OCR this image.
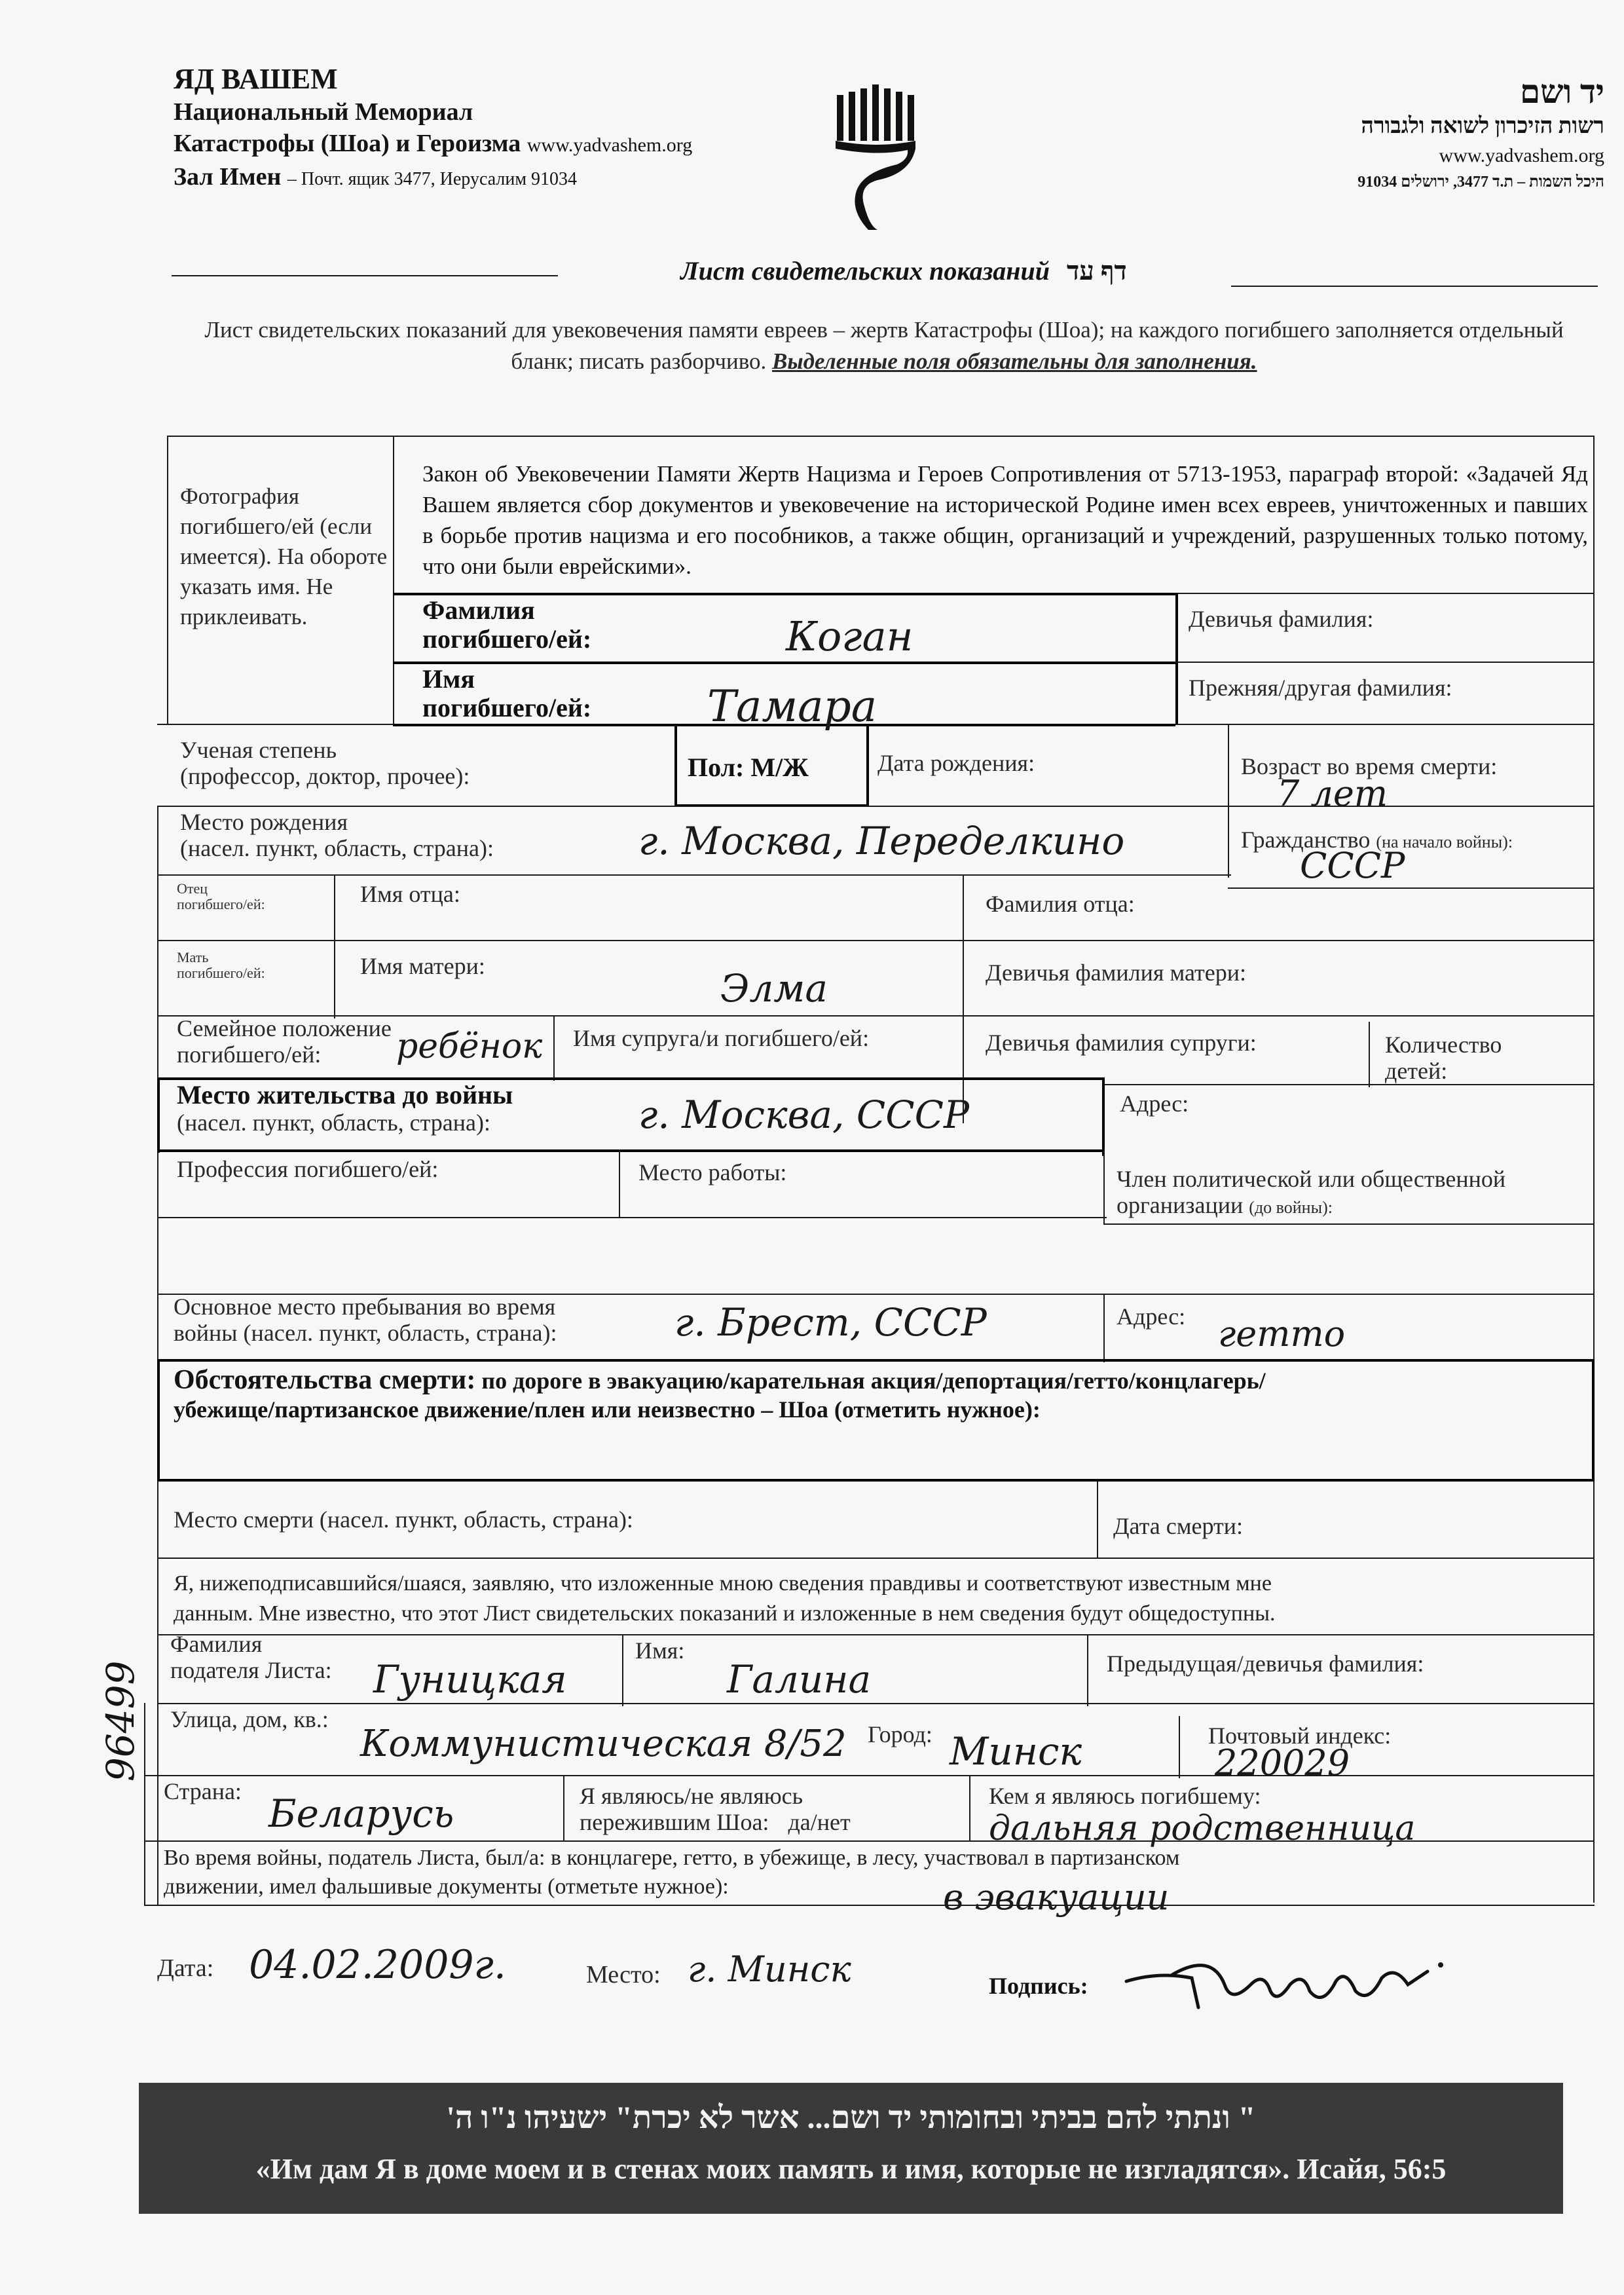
ЯД ВАШЕМ
Национальный Мемориал
Катастрофы (Шоа) и Героизма www.yadvashem.org
Зал Имен – Почт. ящик 3477, Иерусалим 91034
יד ושם
רשות הזיכרון לשואה ולגבורה
www.yadvashem.org
היכל השמות – ת.ד 3477, ירושלים 91034
Лист свидетельских показаний דף עד
Лист свидетельских показаний для увековечения памяти евреев – жертв Катастрофы (Шоа); на каждого погибшего заполняется отдельный бланк; писать разборчиво. Выделенные поля обязательны для заполнения.
Фотография погибшего/ей (если имеется). На обороте указать имя. Не приклеивать.
Закон об Увековечении Памяти Жертв Нацизма и Героев Сопротивления от 5713-1953, параграф второй: «Задачей Яд Вашем является сбор документов и увековечение на исторической Родине имен всех евреев, уничтоженных и павших в борьбе против нацизма и его пособников, а также общин, организаций и учреждений, разрушенных только потому, что они были еврейскими».
Фамилия
погибшего/ей:	Коган	Девичья фамилия:
Имя
погибшего/ей:	Тамара	Прежняя/другая фамилия:
Ученая степень
(профессор, доктор, прочее):	Пол: М/Ж	Дата рождения:	Возраст во время смерти:
7 лет
Место рождения
(насел. пункт, область, страна):	г. Москва, Переделкино	Гражданство (на начало войны):
СССР
Отец
погибшего/ей:	Имя отца:	Фамилия отца:
Мать
погибшего/ей:	Имя матери:	Элма	Девичья фамилия матери:
Семейное положение
погибшего/ей:	ребёнок Имя супруга/и погибшего/ей:	Девичья фамилия супруги:	Количество
детей:
Место жительства до войны
(насел. пункт, область, страна):	г. Москва, СССР	Адрес:
Профессия погибшего/ей:	Место работы:	Член политической или общественной
организации (до войны):
Основное место пребывания во время
войны (насел. пункт, область, страна):	г. Брест, СССР	Адрес: гетто
Обстоятельства смерти: по дороге в эвакуацию/карательная акция/депортация/гетто/концлагерь/
убежище/партизанское движение/плен или неизвестно – Шоа (отметить нужное):
Место смерти (насел. пункт, область, страна):	Дата смерти:
Я, нижеподписавшийся/шаяся, заявляю, что изложенные мною сведения правдивы и соответствуют известным мне
данным. Мне известно, что этот Лист свидетельских показаний и изложенные в нем сведения будут общедоступны.
Фамилия
подателя Листа: Гуницкая
Имя:
Галина	Предыдущая/девичья фамилия:
Улица, дом, кв.:
Коммунистическая 8/52 Город: Минск	Почтовый индекс:
220029
Страна: Беларусь	Я являюсь/не являюсь
пережившим Шоа: да/нет
Кем я являюсь погибшему:
дальняя родственница
Во время войны, податель Листа, был/а: в концлагере, гетто, в убежище, в лесу, участвовал в партизанском
движении, имел фальшивые документы (отметьте нужное):	в эвакуации
Дата: 04.02.2009г.	Место: г. Минск	Подпись:
96499
" ונתתי להם בביתי ובחומותי יד ושם... אשר לא יכרת" ישעיהו נ"ו ה'
«Им дам Я в доме моем и в стенах моих память и имя, которые не изгладятся». Исайя, 56:5
